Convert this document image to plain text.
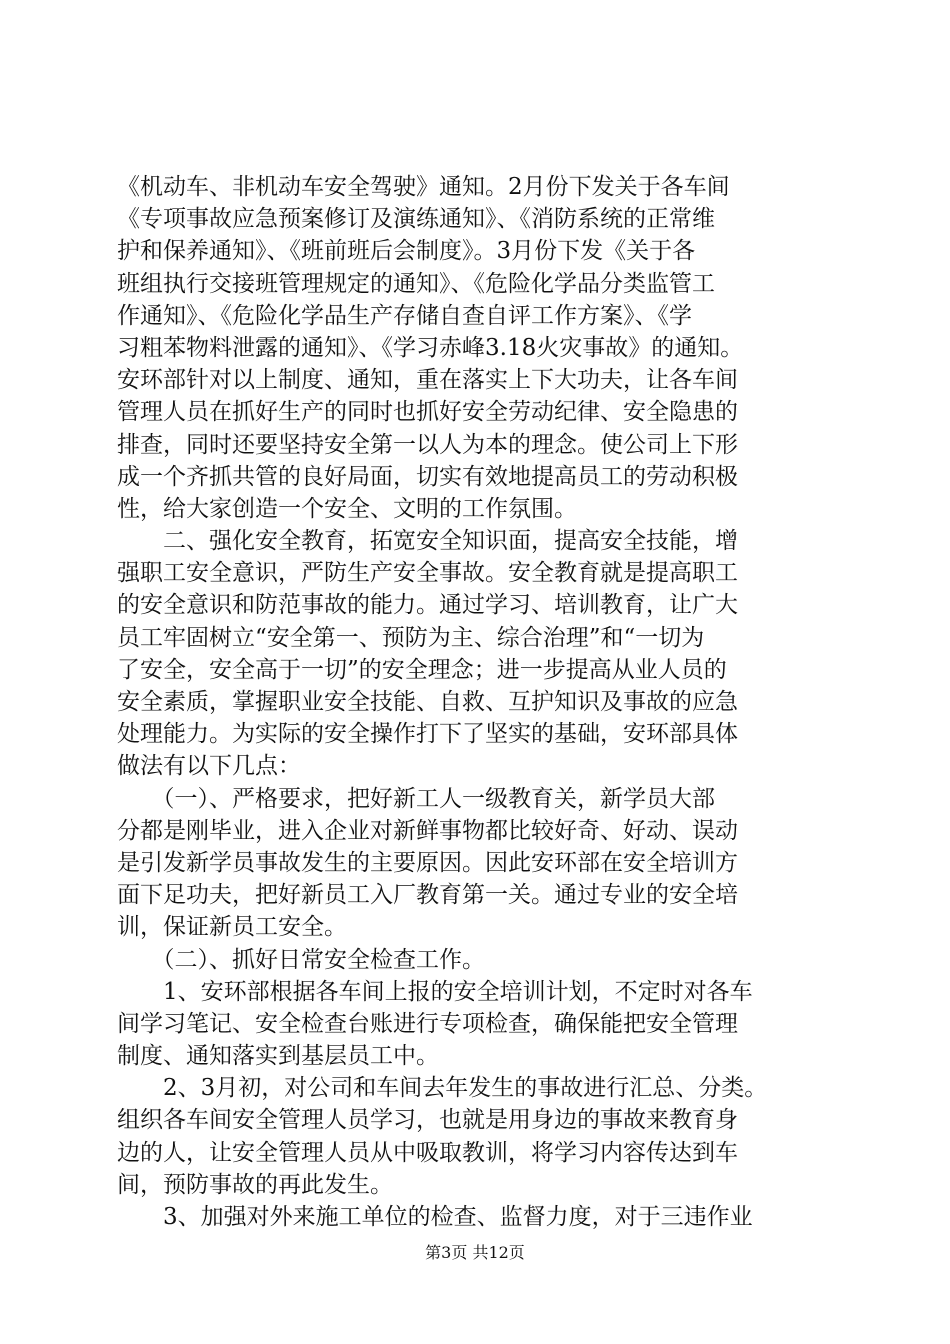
《机动车、非机动车安全驾驶》通知。2月份下发关于各车间
《专项事故应急预案修订及演练通知》、《消防系统的正常维
护和保养通知》、《班前班后会制度》。3月份下发《关于各
班组执行交接班管理规定的通知》、《危险化学品分类监管工
作通知》、《危险化学品生产存储自查自评工作方案》、《学
习粗苯物料泄露的通知》、《学习赤峰3.18火灾事故》的通知。
安环部针对以上制度、通知，重在落实上下大功夫，让各车间
管理人员在抓好生产的同时也抓好安全劳动纪律、安全隐患的
排查，同时还要坚持安全第一以人为本的理念。使公司上下形
成一个齐抓共管的良好局面，切实有效地提高员工的劳动积极
性，给大家创造一个安全、文明的工作氛围。
　　二、强化安全教育，拓宽安全知识面，提高安全技能，增
强职工安全意识，严防生产安全事故。安全教育就是提高职工
的安全意识和防范事故的能力。通过学习、培训教育，让广大
员工牢固树立“安全第一、预防为主、综合治理”和“一切为
了安全，安全高于一切”的安全理念；进一步提高从业人员的
安全素质，掌握职业安全技能、自救、互护知识及事故的应急
处理能力。为实际的安全操作打下了坚实的基础，安环部具体
做法有以下几点：
　　（一）、严格要求，把好新工人一级教育关，新学员大部
分都是刚毕业，进入企业对新鲜事物都比较好奇、好动、误动
是引发新学员事故发生的主要原因。因此安环部在安全培训方
面下足功夫，把好新员工入厂教育第一关。通过专业的安全培
训，保证新员工安全。
　　（二）、抓好日常安全检查工作。
　　1、安环部根据各车间上报的安全培训计划，不定时对各车
间学习笔记、安全检查台账进行专项检查，确保能把安全管理
制度、通知落实到基层员工中。
　　2、3月初，对公司和车间去年发生的事故进行汇总、分类。
组织各车间安全管理人员学习，也就是用身边的事故来教育身
边的人，让安全管理人员从中吸取教训，将学习内容传达到车
间，预防事故的再此发生。
　　3、加强对外来施工单位的检查、监督力度，对于三违作业
第3页 共12页
